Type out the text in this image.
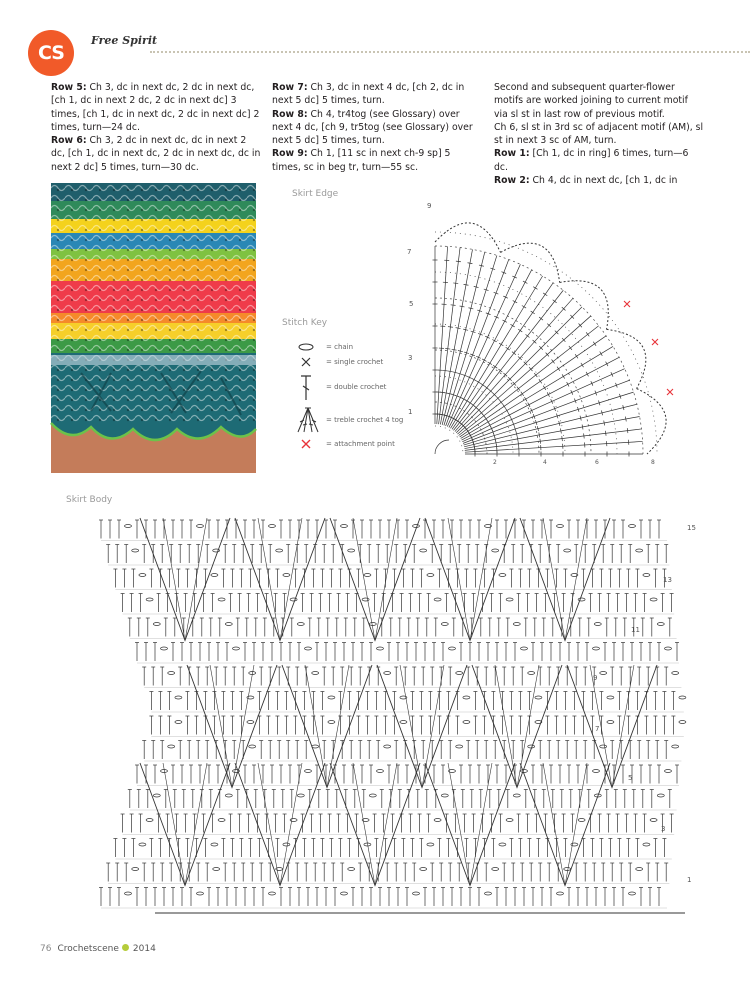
CS
Free Spirit

Row 5: Ch 3, dc in next dc, 2 dc in next dc, [ch 1, dc in next 2 dc, 2 dc in next dc] 3 times, [ch 1, dc in next dc, 2 dc in next dc] 2 times, turn—24 dc.

Row 6: Ch 3, 2 dc in next dc, dc in next 2 dc, [ch 1, dc in next dc, 2 dc in next dc, dc in next 2 dc] 5 times, turn—30 dc.

Row 7: Ch 3, dc in next 4 dc, [ch 2, dc in next 5 dc] 5 times, turn.

Row 8: Ch 4, tr4tog (see Glossary) over next 4 dc, [ch 9, tr5tog (see Glossary) over next 5 dc] 5 times, turn.

Row 9: Ch 1, [11 sc in next ch-9 sp] 5 times, sc in beg tr, turn—55 sc.

Second and subsequent quarter-flower motifs are worked joining to current motif via sl st in last row of previous motif.

Ch 6, sl st in 3rd sc of adjacent motif (AM), sl st in next 3 sc of AM, turn.

Row 1: [Ch 1, dc in ring] 6 times, turn—6 dc.

Row 2: Ch 4, dc in next dc, [ch 1, dc in

Skirt Edge
Stitch Key
= chain
= single crochet
= double crochet
= treble crochet 4 tog
= attachment point
9
7
5
3
1
2	4	6	8
Skirt Body
15
13
11
9
7
5
3
1
76 Crochetscene 2014
